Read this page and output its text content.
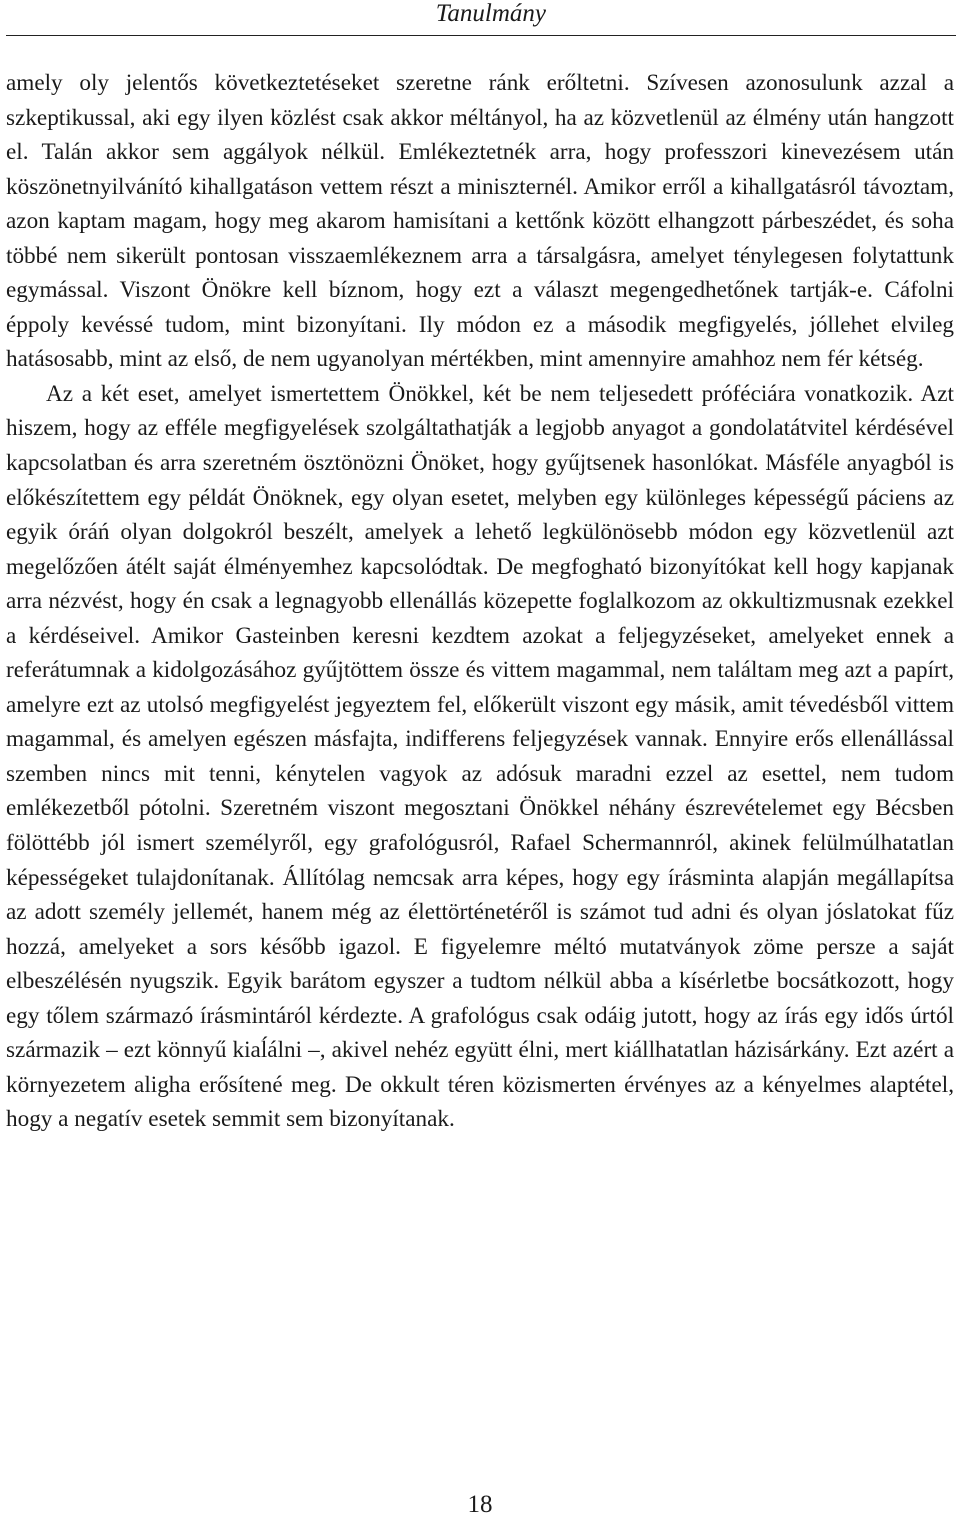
Tanulmány

amely oly jelentős következtetéseket szeretne ránk erőltetni. Szívesen azonosulunk azzal a szkeptikussal, aki egy ilyen közlést csak akkor méltányol, ha az közvetlenül az élmény után hangzott el. Talán akkor sem aggályok nélkül. Emlékeztetnék arra, hogy professzori kinevezésem után köszönetnyilvánító kihallgatáson vettem részt a miniszternél. Amikor erről a kihallgatásról távoztam, azon kaptam magam, hogy meg akarom hamisítani a kettőnk között elhangzott párbeszédet, és soha többé nem sikerült pontosan visszaemlékeznem arra a társalgásra, amelyet ténylegesen folytattunk egymással. Viszont Önökre kell bíznom, hogy ezt a választ megengedhetőnek tartják-e. Cáfolni éppoly kevéssé tudom, mint bizonyítani. Ily módon ez a második megfigyelés, jóllehet elvileg hatásosabb, mint az első, de nem ugyanolyan mértékben, mint amennyire amahhoz nem fér kétség.

Az a két eset, amelyet ismertettem Önökkel, két be nem teljesedett próféciára vonatkozik. Azt hiszem, hogy az efféle megfigyelések szolgáltathatják a legjobb anyagot a gondolatátvitel kérdésével kapcsolatban és arra szeretném ösztönözni Önöket, hogy gyűjtsenek hasonlókat. Másféle anyagból is előkészítettem egy példát Önöknek, egy olyan esetet, melyben egy különleges képességű páciens az egyik óráń olyan dolgokról beszélt, amelyek a lehető legkülönösebb módon egy közvetlenül azt megelőzően átélt saját élményemhez kapcsolódtak. De megfogható bizonyítókat kell hogy kapjanak arra nézvést, hogy én csak a legnagyobb ellenállás közepette foglalkozom az okkultizmusnak ezekkel a kérdéseivel. Amikor Gasteinben keresni kezdtem azokat a feljegyzéseket, amelyeket ennek a referátumnak a kidolgozásához gyűjtöttem össze és vittem magammal, nem találtam meg azt a papírt, amelyre ezt az utolsó megfigyelést jegyeztem fel, előkerült viszont egy másik, amit tévedésből vittem magammal, és amelyen egészen másfajta, indifferens feljegyzések vannak. Ennyire erős ellenállással szemben nincs mit tenni, kénytelen vagyok az adósuk maradni ezzel az esettel, nem tudom emlékezetből pótolni. Szeretném viszont megosztani Önökkel néhány észrevételemet egy Bécsben fölöttébb jól ismert személyről, egy grafológusról, Rafael Schermannról, akinek felülmúlhatatlan képességeket tulajdonítanak. Állítólag nemcsak arra képes, hogy egy írásminta alapján megállapítsa az adott személy jellemét, hanem még az élettörténetéről is számot tud adni és olyan jóslatokat fűz hozzá, amelyeket a sors később igazol. E figyelemre méltó mutatványok zöme persze a saját elbeszélésén nyugszik. Egyik barátom egyszer a tudtom nélkül abba a kísérletbe bocsátkozott, hogy egy tőlem származó írásmintáról kérdezte. A grafológus csak odáig jutott, hogy az írás egy idős úrtól származik – ezt könnyű kiaĺálni –, akivel nehéz együtt élni, mert kiállhatatlan házisárkány. Ezt azért a környezetem aligha erősítené meg. De okkult téren közismerten érvényes az a kényelmes alaptétel, hogy a negatív esetek semmit sem bizonyítanak.

18
